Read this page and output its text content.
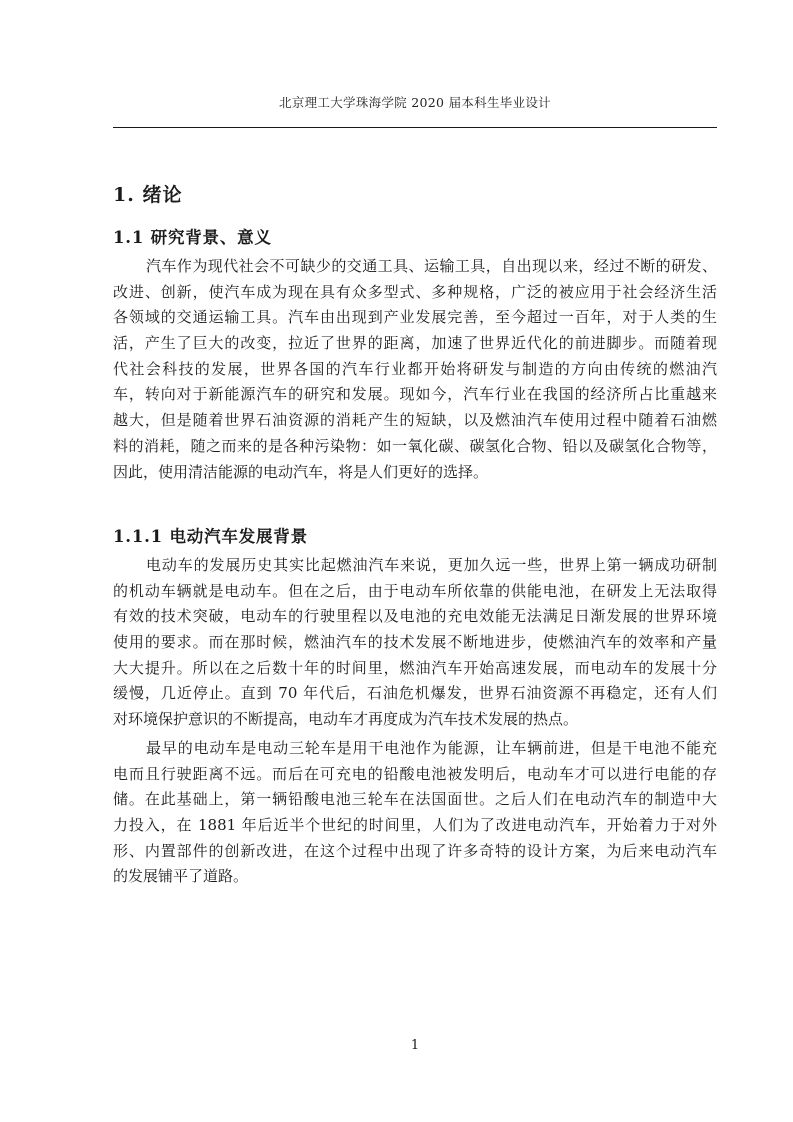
北京理工大学珠海学院 2020 届本科生毕业设计
1. 绪论
1.1 研究背景、意义
汽车作为现代社会不可缺少的交通工具、运输工具，自出现以来，经过不断的研发、
改进、创新，使汽车成为现在具有众多型式、多种规格，广泛的被应用于社会经济生活
各领域的交通运输工具。汽车由出现到产业发展完善，至今超过一百年，对于人类的生
活，产生了巨大的改变，拉近了世界的距离，加速了世界近代化的前进脚步。而随着现
代社会科技的发展，世界各国的汽车行业都开始将研发与制造的方向由传统的燃油汽
车，转向对于新能源汽车的研究和发展。现如今，汽车行业在我国的经济所占比重越来
越大，但是随着世界石油资源的消耗产生的短缺，以及燃油汽车使用过程中随着石油燃
料的消耗，随之而来的是各种污染物：如一氧化碳、碳氢化合物、铅以及碳氢化合物等，
因此，使用清洁能源的电动汽车，将是人们更好的选择。
1.1.1 电动汽车发展背景
电动车的发展历史其实比起燃油汽车来说，更加久远一些，世界上第一辆成功研制
的机动车辆就是电动车。但在之后，由于电动车所依靠的供能电池，在研发上无法取得
有效的技术突破，电动车的行驶里程以及电池的充电效能无法满足日渐发展的世界环境
使用的要求。而在那时候，燃油汽车的技术发展不断地进步，使燃油汽车的效率和产量
大大提升。所以在之后数十年的时间里，燃油汽车开始高速发展，而电动车的发展十分
缓慢，几近停止。直到 70 年代后，石油危机爆发，世界石油资源不再稳定，还有人们
对环境保护意识的不断提高，电动车才再度成为汽车技术发展的热点。
最早的电动车是电动三轮车是用干电池作为能源，让车辆前进，但是干电池不能充
电而且行驶距离不远。而后在可充电的铅酸电池被发明后，电动车才可以进行电能的存
储。在此基础上，第一辆铅酸电池三轮车在法国面世。之后人们在电动汽车的制造中大
力投入，在 1881 年后近半个世纪的时间里，人们为了改进电动汽车，开始着力于对外
形、内置部件的创新改进，在这个过程中出现了许多奇特的设计方案，为后来电动汽车
的发展铺平了道路。
1
